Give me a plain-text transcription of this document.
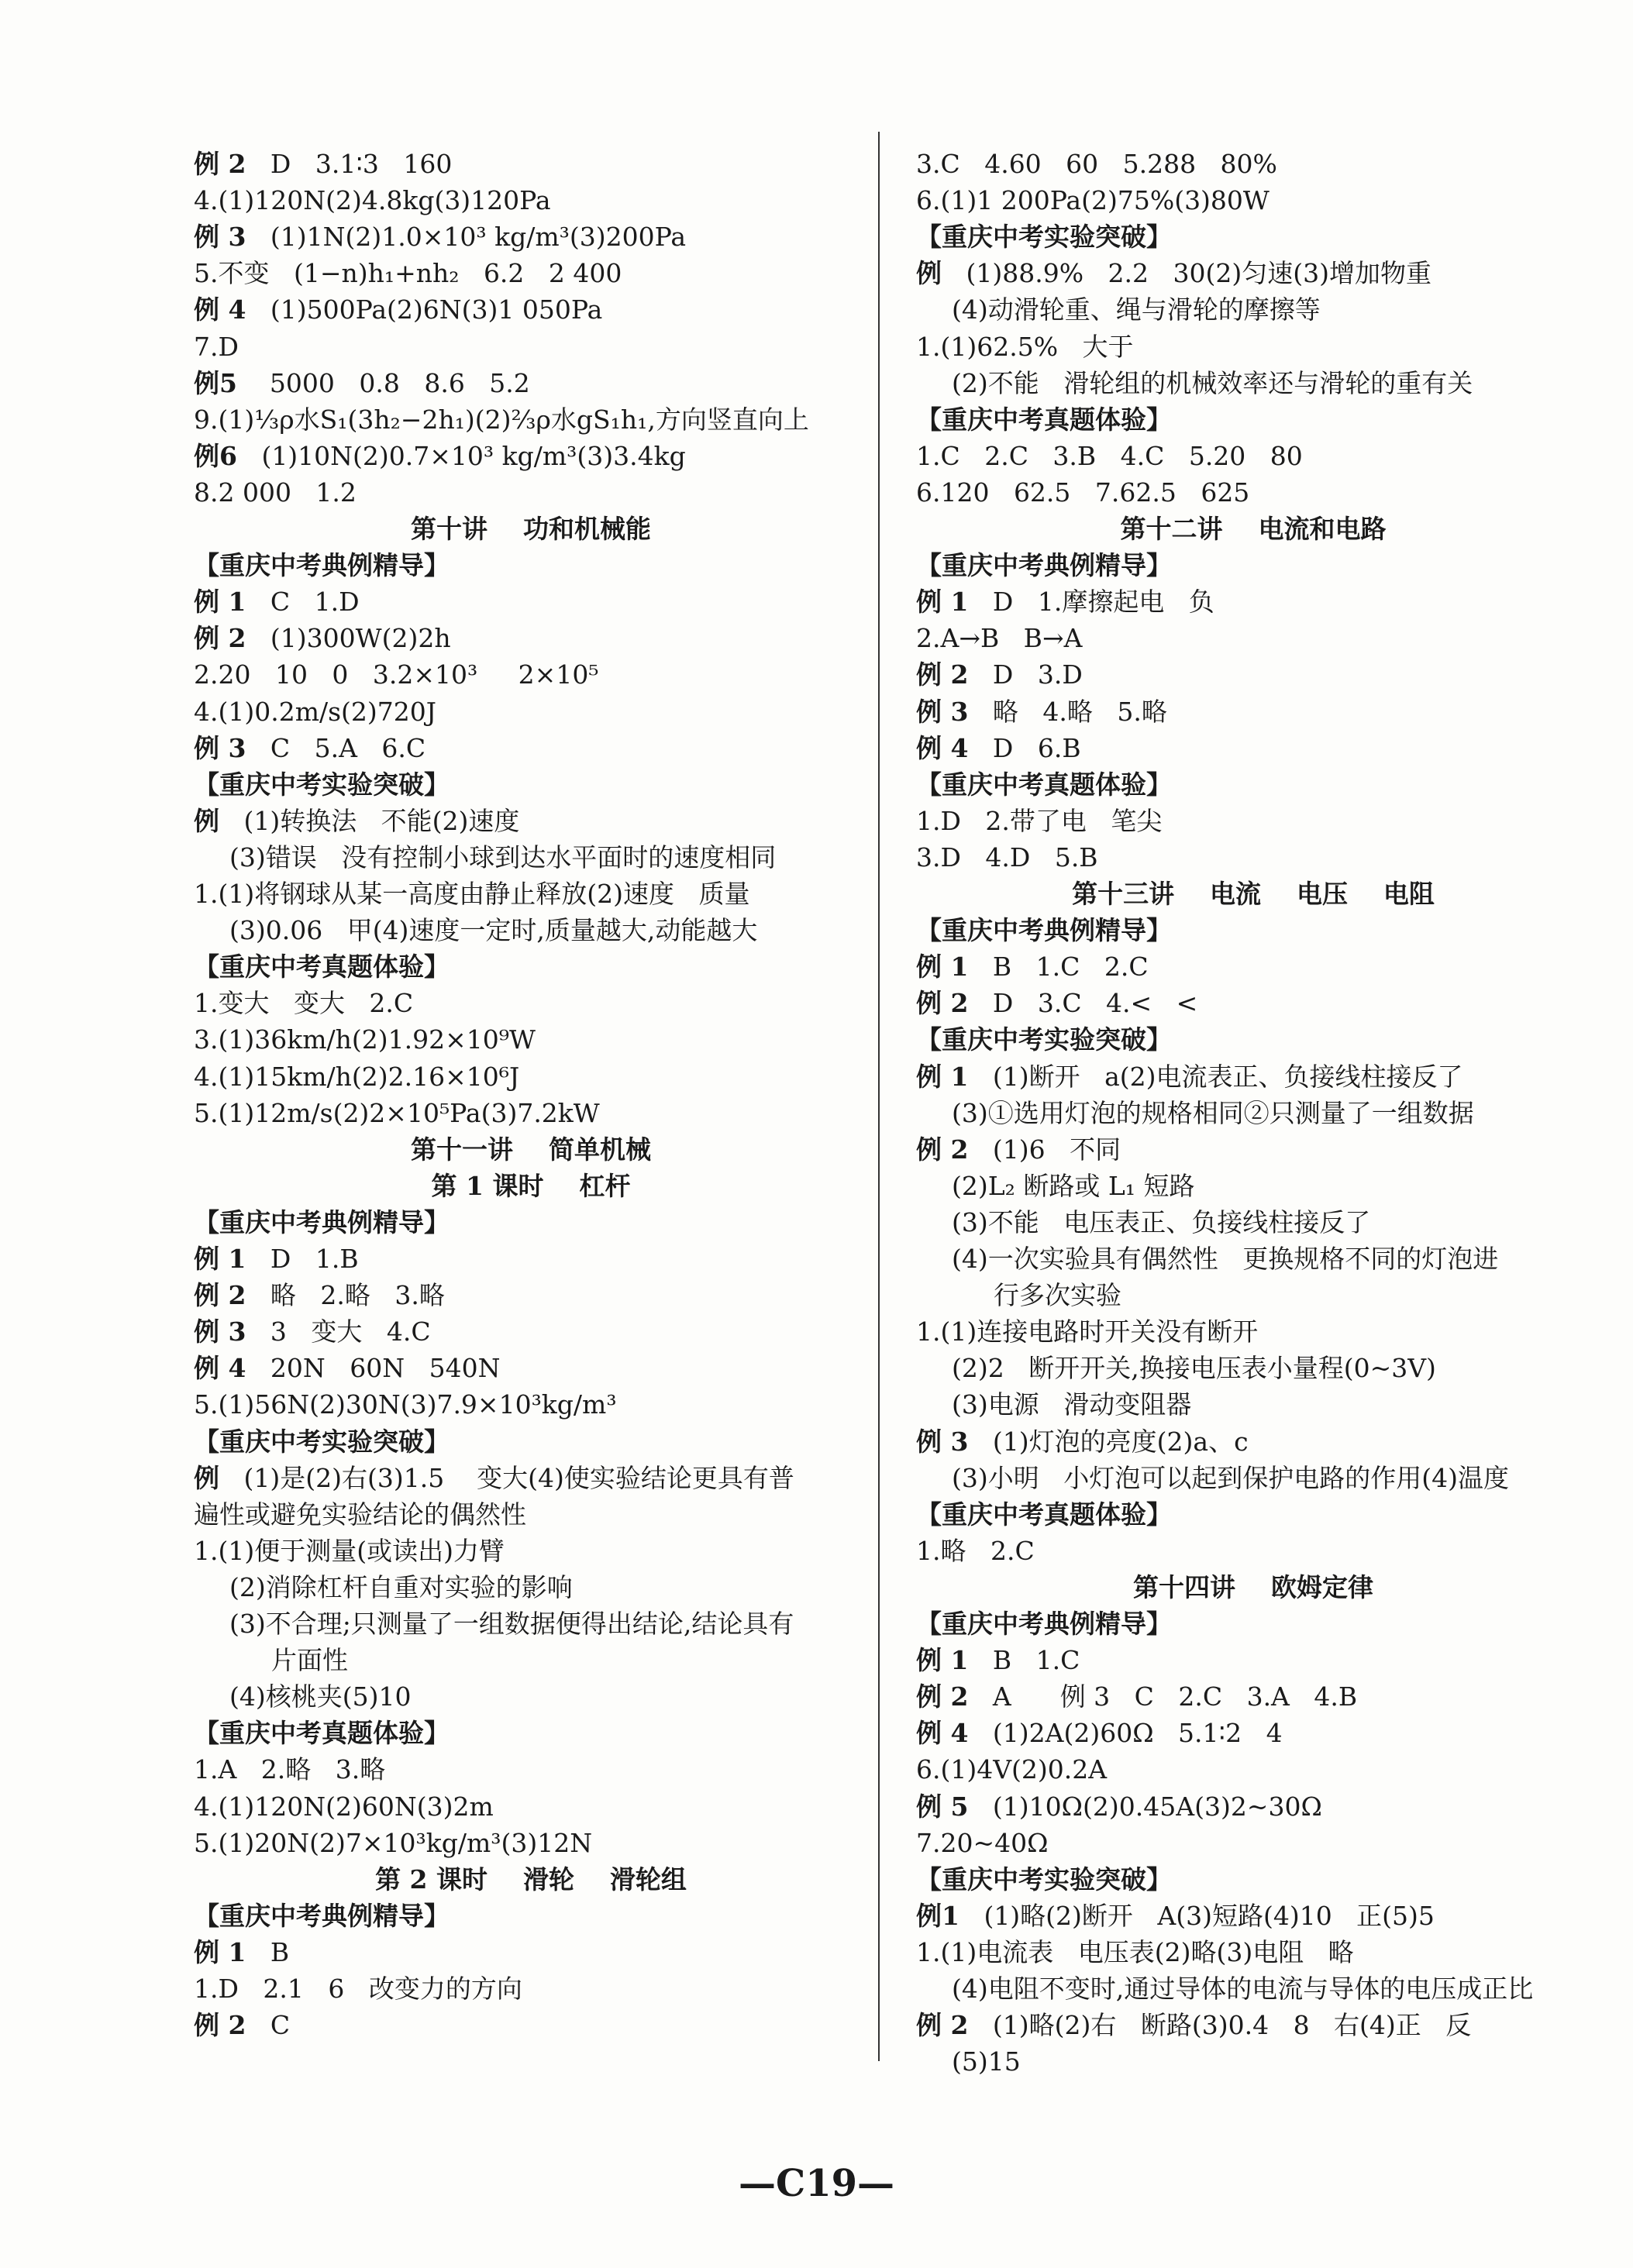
例 2   D   3.1∶3   160
4.(1)120N(2)4.8kg(3)120Pa
例 3   (1)1N(2)1.0×10³ kg/m³(3)200Pa
5.不变   (1−n)h₁+nh₂   6.2   2 400
例 4   (1)500Pa(2)6N(3)1 050Pa
7.D
例5    5000   0.8   8.6   5.2
9.(1)⅓ρ水S₁(3h₂−2h₁)(2)⅔ρ水gS₁h₁,方向竖直向上
例6   (1)10N(2)0.7×10³ kg/m³(3)3.4kg
8.2 000   1.2
第十讲    功和机械能
【重庆中考典例精导】
例 1   C   1.D
例 2   (1)300W(2)2h
2.20   10   0   3.2×10³     2×10⁵
4.(1)0.2m/s(2)720J
例 3   C   5.A   6.C
【重庆中考实验突破】
例   (1)转换法   不能(2)速度
(3)错误   没有控制小球到达水平面时的速度相同
1.(1)将钢球从某一高度由静止释放(2)速度   质量
(3)0.06   甲(4)速度一定时,质量越大,动能越大
【重庆中考真题体验】
1.变大   变大   2.C
3.(1)36km/h(2)1.92×10⁹W
4.(1)15km/h(2)2.16×10⁶J
5.(1)12m/s(2)2×10⁵Pa(3)7.2kW
第十一讲    简单机械
第 1 课时    杠杆
【重庆中考典例精导】
例 1   D   1.B
例 2   略   2.略   3.略
例 3   3   变大   4.C
例 4   20N   60N   540N
5.(1)56N(2)30N(3)7.9×10³kg/m³
【重庆中考实验突破】
例   (1)是(2)右(3)1.5    变大(4)使实验结论更具有普
遍性或避免实验结论的偶然性
1.(1)便于测量(或读出)力臂
(2)消除杠杆自重对实验的影响
(3)不合理;只测量了一组数据便得出结论,结论具有
片面性
(4)核桃夹(5)10
【重庆中考真题体验】
1.A   2.略   3.略
4.(1)120N(2)60N(3)2m
5.(1)20N(2)7×10³kg/m³(3)12N
第 2 课时    滑轮    滑轮组
【重庆中考典例精导】
例 1   B
1.D   2.1   6   改变力的方向
例 2   C
3.C   4.60   60   5.288   80%
6.(1)1 200Pa(2)75%(3)80W
【重庆中考实验突破】
例   (1)88.9%   2.2   30(2)匀速(3)增加物重
(4)动滑轮重、绳与滑轮的摩擦等
1.(1)62.5%   大于
(2)不能   滑轮组的机械效率还与滑轮的重有关
【重庆中考真题体验】
1.C   2.C   3.B   4.C   5.20   80
6.120   62.5   7.62.5   625
第十二讲    电流和电路
【重庆中考典例精导】
例 1   D   1.摩擦起电   负
2.A→B   B→A
例 2   D   3.D
例 3   略   4.略   5.略
例 4   D   6.B
【重庆中考真题体验】
1.D   2.带了电   笔尖
3.D   4.D   5.B
第十三讲    电流    电压    电阻
【重庆中考典例精导】
例 1   B   1.C   2.C
例 2   D   3.C   4.<   <
【重庆中考实验突破】
例 1   (1)断开   a(2)电流表正、负接线柱接反了
(3)①选用灯泡的规格相同②只测量了一组数据
例 2   (1)6   不同
(2)L₂ 断路或 L₁ 短路
(3)不能   电压表正、负接线柱接反了
(4)一次实验具有偶然性   更换规格不同的灯泡进
行多次实验
1.(1)连接电路时开关没有断开
(2)2   断开开关,换接电压表小量程(0~3V)
(3)电源   滑动变阻器
例 3   (1)灯泡的亮度(2)a、c
(3)小明   小灯泡可以起到保护电路的作用(4)温度
【重庆中考真题体验】
1.略   2.C
第十四讲    欧姆定律
【重庆中考典例精导】
例 1   B   1.C
例 2   A      例 3   C   2.C   3.A   4.B
例 4   (1)2A(2)60Ω   5.1∶2   4
6.(1)4V(2)0.2A
例 5   (1)10Ω(2)0.45A(3)2~30Ω
7.20~40Ω
【重庆中考实验突破】
例1   (1)略(2)断开   A(3)短路(4)10   正(5)5
1.(1)电流表   电压表(2)略(3)电阻   略
(4)电阻不变时,通过导体的电流与导体的电压成正比
例 2   (1)略(2)右   断路(3)0.4   8   右(4)正   反
(5)15
—C19—
